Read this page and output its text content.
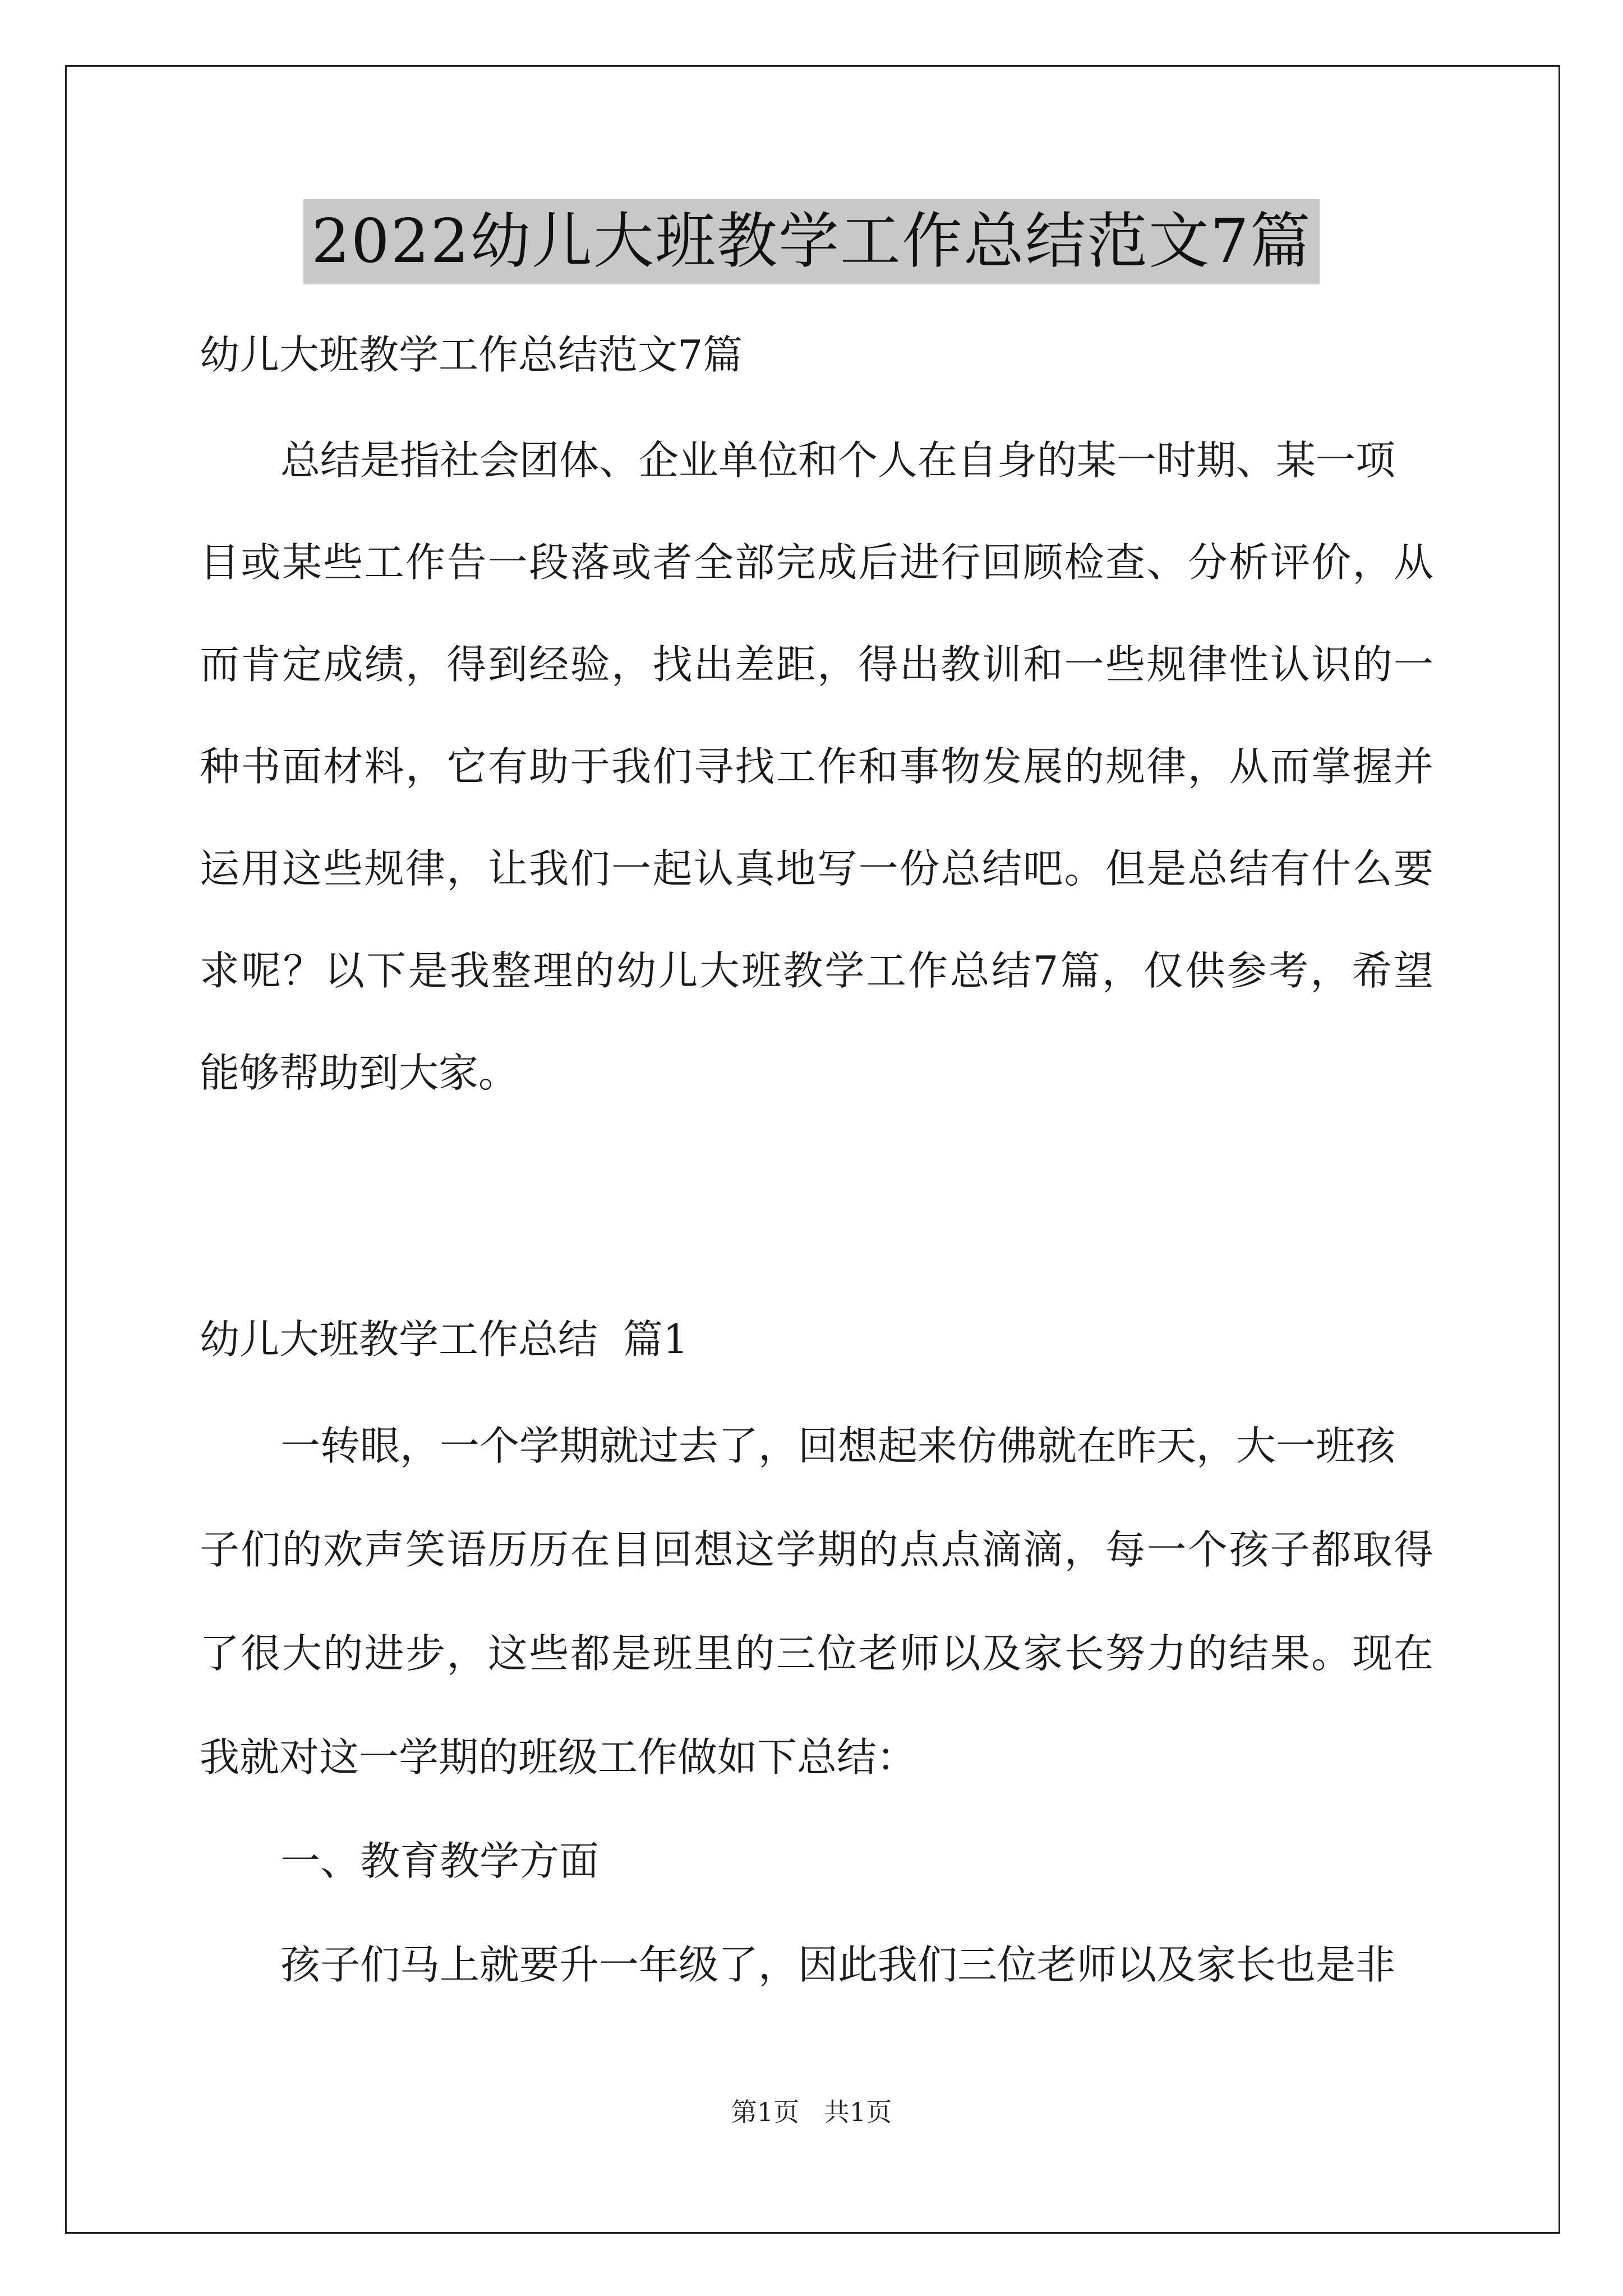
2022幼儿大班教学工作总结范文7篇

幼儿大班教学工作总结范文7篇

总结是指社会团体、企业单位和个人在自身的某一时期、某一项

目或某些工作告一段落或者全部完成后进行回顾检查、分析评价，从

而肯定成绩，得到经验，找出差距，得出教训和一些规律性认识的一

种书面材料，它有助于我们寻找工作和事物发展的规律，从而掌握并

运用这些规律，让我们一起认真地写一份总结吧。但是总结有什么要

求呢？以下是我整理的幼儿大班教学工作总结7篇，仅供参考，希望

能够帮助到大家。

幼儿大班教学工作总结  篇1

一转眼，一个学期就过去了，回想起来仿佛就在昨天，大一班孩

子们的欢声笑语历历在目回想这学期的点点滴滴，每一个孩子都取得

了很大的进步，这些都是班里的三位老师以及家长努力的结果。现在

我就对这一学期的班级工作做如下总结：

一、教育教学方面

孩子们马上就要升一年级了，因此我们三位老师以及家长也是非

第1页   共1页
